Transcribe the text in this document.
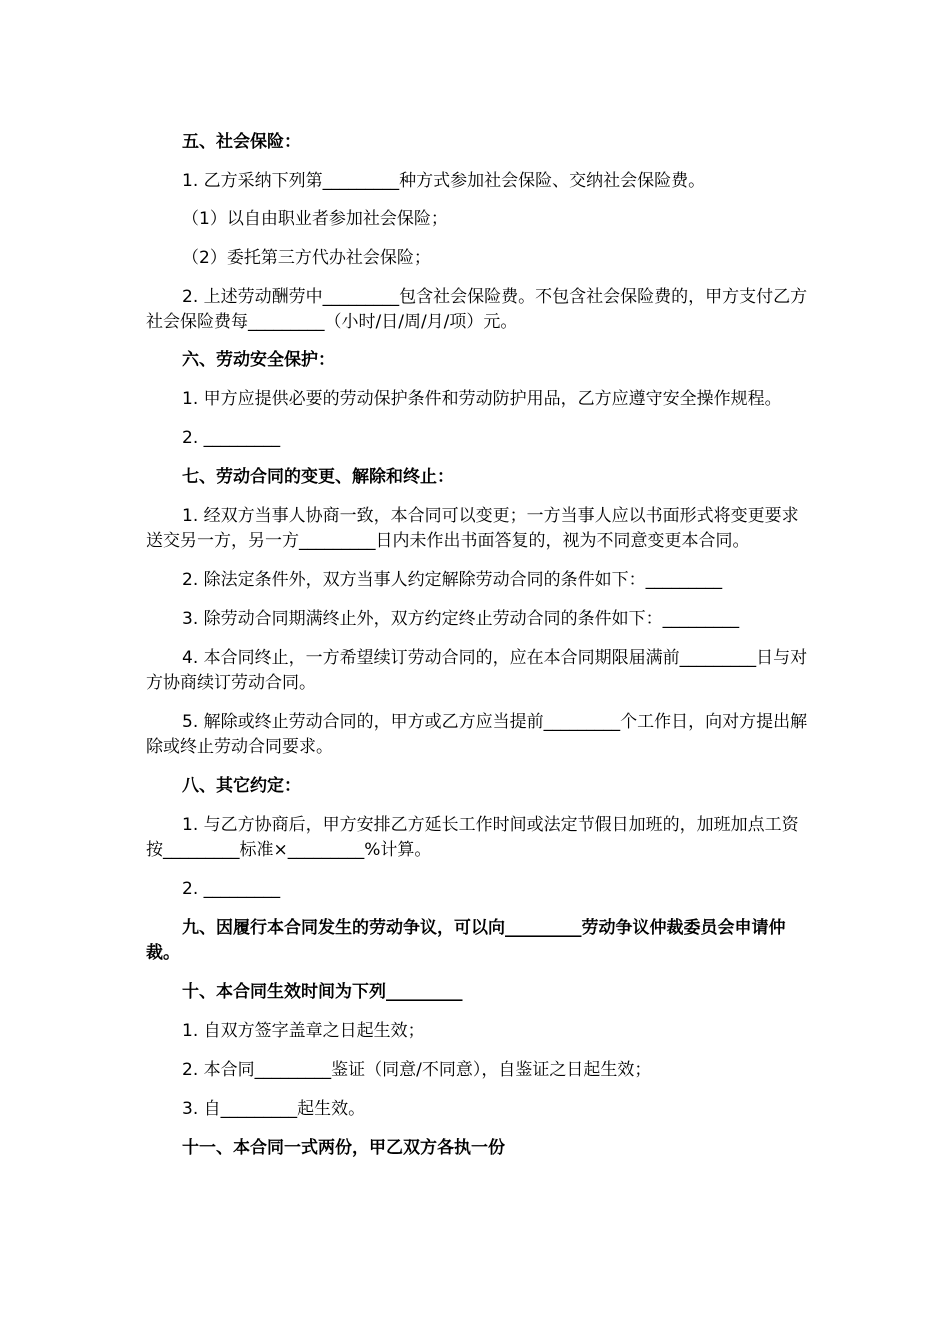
五、社会保险：

1. 乙方采纳下列第_________种方式参加社会保险、交纳社会保险费。

（1）以自由职业者参加社会保险；

（2）委托第三方代办社会保险；

2. 上述劳动酬劳中_________包含社会保险费。不包含社会保险费的，甲方支付乙方社会保险费每_________（小时/日/周/月/项）元。

六、劳动安全保护：

1. 甲方应提供必要的劳动保护条件和劳动防护用品，乙方应遵守安全操作规程。

2. _________

七、劳动合同的变更、解除和终止：

1. 经双方当事人协商一致，本合同可以变更；一方当事人应以书面形式将变更要求送交另一方，另一方_________日内未作出书面答复的，视为不同意变更本合同。

2. 除法定条件外，双方当事人约定解除劳动合同的条件如下：_________

3. 除劳动合同期满终止外，双方约定终止劳动合同的条件如下：_________

4. 本合同终止，一方希望续订劳动合同的，应在本合同期限届满前_________日与对方协商续订劳动合同。

5. 解除或终止劳动合同的，甲方或乙方应当提前_________个工作日，向对方提出解除或终止劳动合同要求。

八、其它约定：

1. 与乙方协商后，甲方安排乙方延长工作时间或法定节假日加班的，加班加点工资按_________标准×_________%计算。

2. _________

九、因履行本合同发生的劳动争议，可以向_________劳动争议仲裁委员会申请仲裁。

十、本合同生效时间为下列_________

1. 自双方签字盖章之日起生效；

2. 本合同_________鉴证（同意/不同意），自鉴证之日起生效；

3. 自_________起生效。

十一、本合同一式两份，甲乙双方各执一份
